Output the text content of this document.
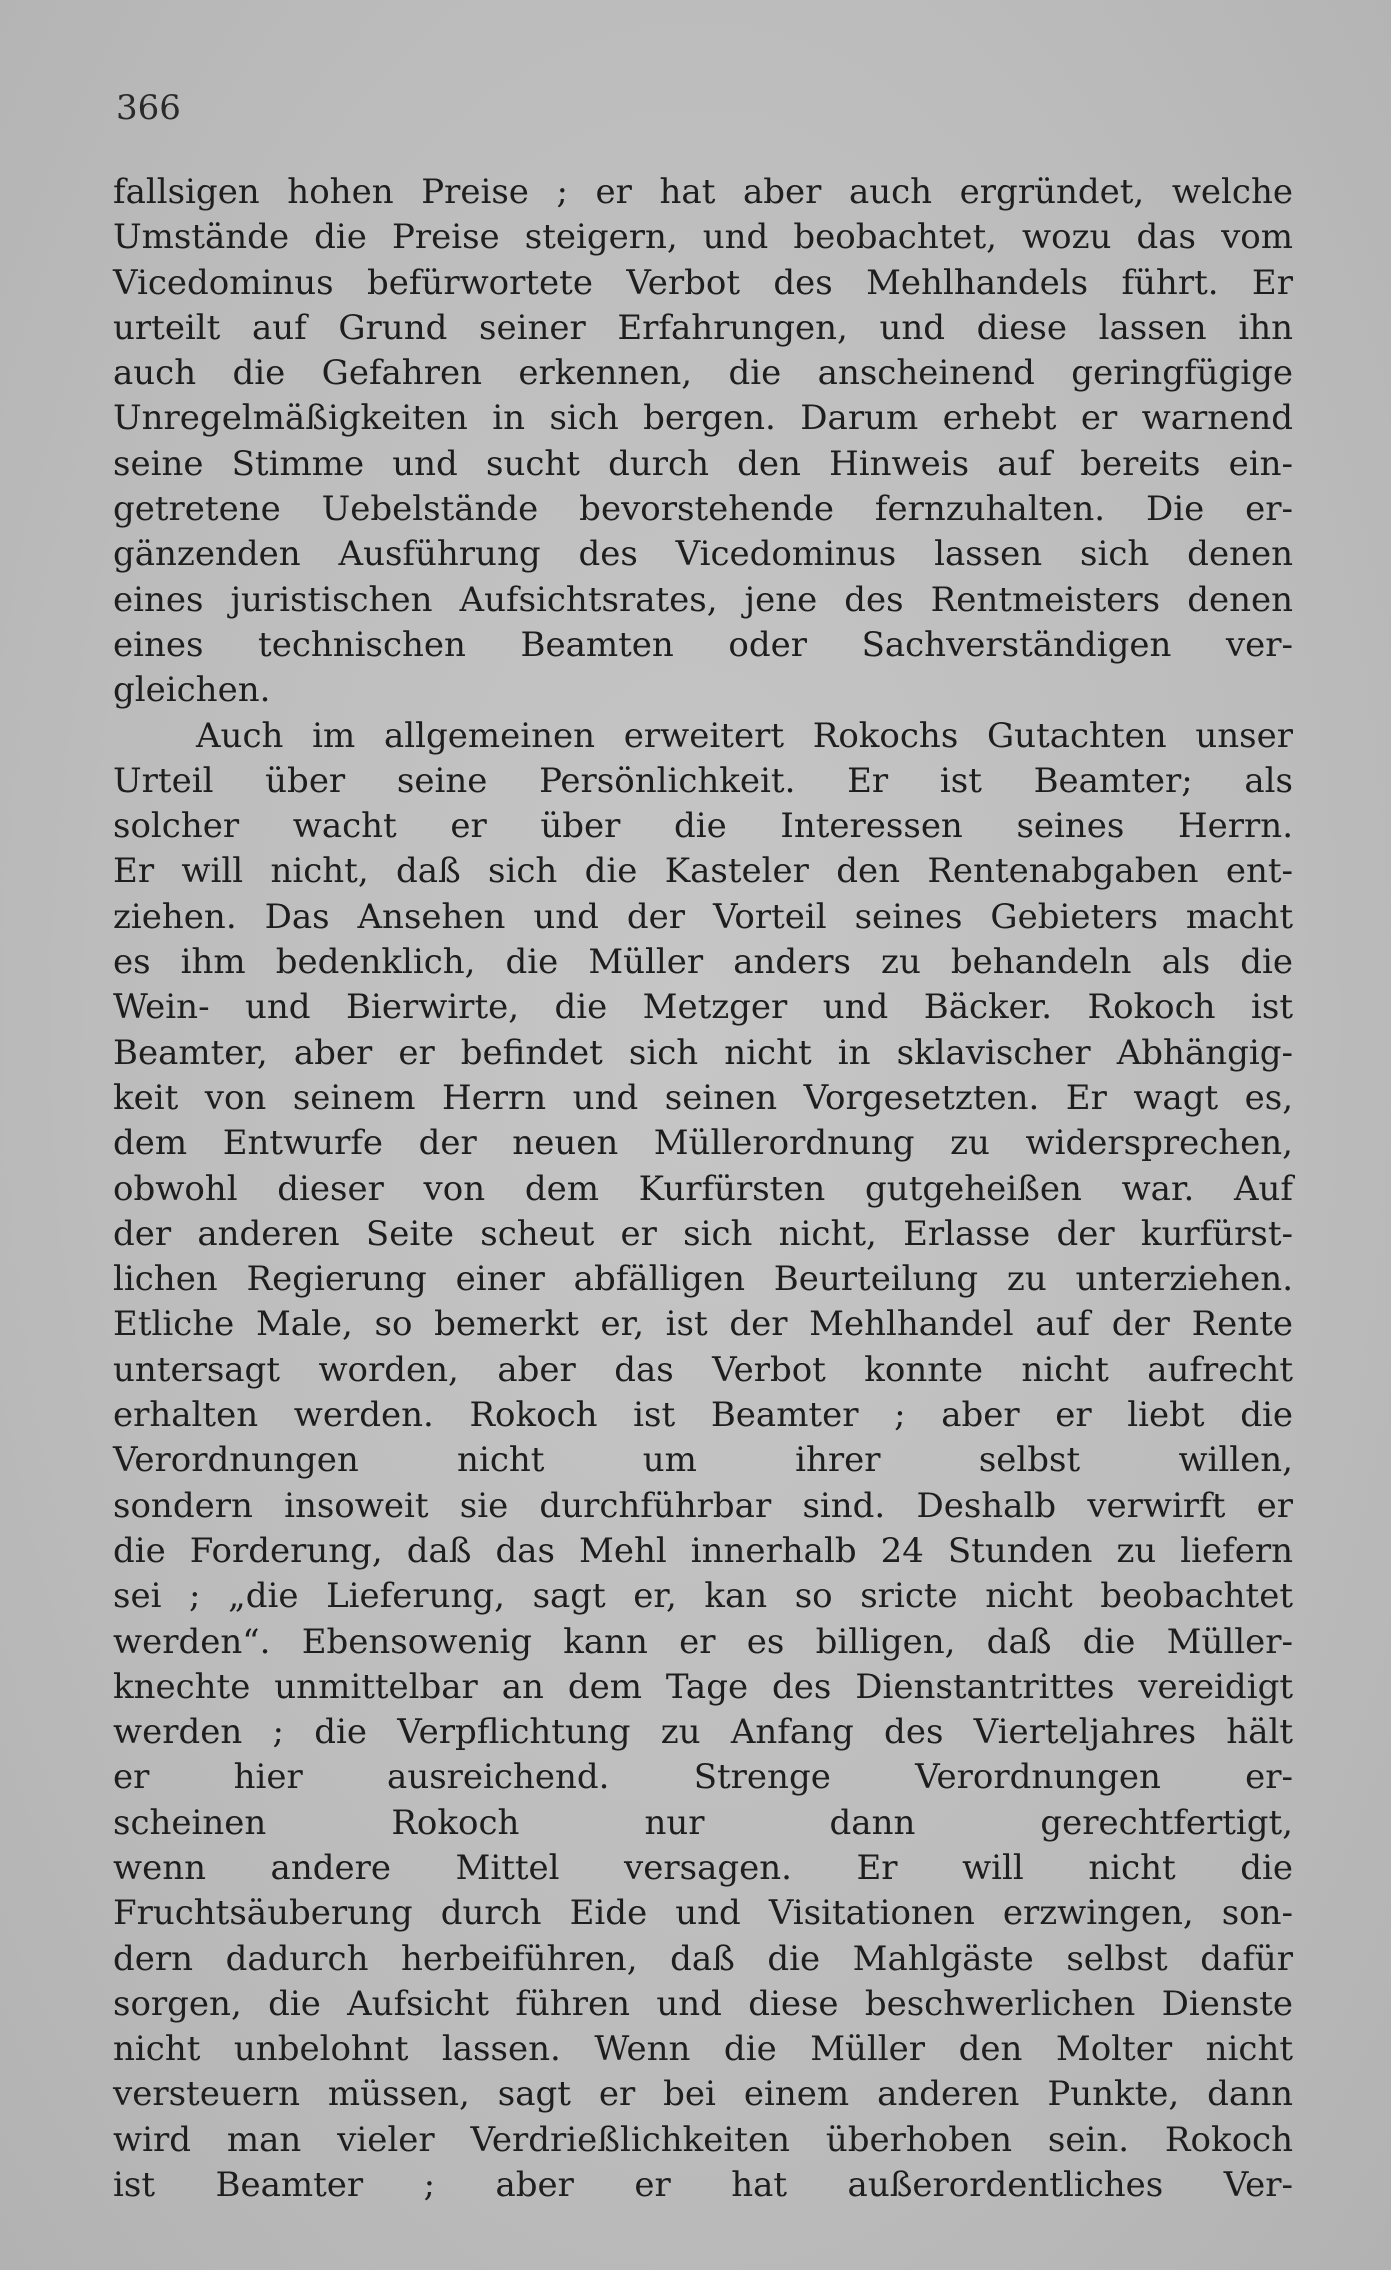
366

fallsigen hohen Preise ; er hat aber auch ergründet, welche
Umstände die Preise steigern, und beobachtet, wozu das vom
Vicedominus befürwortete Verbot des Mehlhandels führt. Er
urteilt auf Grund seiner Erfahrungen, und diese lassen ihn
auch die Gefahren erkennen, die anscheinend geringfügige
Unregelmäßigkeiten in sich bergen. Darum erhebt er warnend
seine Stimme und sucht durch den Hinweis auf bereits ein-
getretene Uebelstände bevorstehende fernzuhalten. Die er-
gänzenden Ausführung des Vicedominus lassen sich denen
eines juristischen Aufsichtsrates, jene des Rentmeisters denen
eines technischen Beamten oder Sachverständigen ver-
gleichen.

Auch im allgemeinen erweitert Rokochs Gutachten unser
Urteil über seine Persönlichkeit. Er ist Beamter; als
solcher wacht er über die Interessen seines Herrn.
Er will nicht, daß sich die Kasteler den Rentenabgaben ent-
ziehen. Das Ansehen und der Vorteil seines Gebieters macht
es ihm bedenklich, die Müller anders zu behandeln als die
Wein- und Bierwirte, die Metzger und Bäcker. Rokoch ist
Beamter, aber er befindet sich nicht in sklavischer Abhängig-
keit von seinem Herrn und seinen Vorgesetzten. Er wagt es,
dem Entwurfe der neuen Müllerordnung zu widersprechen,
obwohl dieser von dem Kurfürsten gutgeheißen war. Auf
der anderen Seite scheut er sich nicht, Erlasse der kurfürst-
lichen Regierung einer abfälligen Beurteilung zu unterziehen.
Etliche Male, so bemerkt er, ist der Mehlhandel auf der Rente
untersagt worden, aber das Verbot konnte nicht aufrecht
erhalten werden. Rokoch ist Beamter ; aber er liebt die
Verordnungen nicht um ihrer selbst willen,
sondern insoweit sie durchführbar sind. Deshalb verwirft er
die Forderung, daß das Mehl innerhalb 24 Stunden zu liefern
sei ; „die Lieferung, sagt er, kan so sricte nicht beobachtet
werden“. Ebensowenig kann er es billigen, daß die Müller-
knechte unmittelbar an dem Tage des Dienstantrittes vereidigt
werden ; die Verpflichtung zu Anfang des Vierteljahres hält
er hier ausreichend. Strenge Verordnungen er-
scheinen Rokoch nur dann gerechtfertigt,
wenn andere Mittel versagen. Er will nicht die
Fruchtsäuberung durch Eide und Visitationen erzwingen, son-
dern dadurch herbeiführen, daß die Mahlgäste selbst dafür
sorgen, die Aufsicht führen und diese beschwerlichen Dienste
nicht unbelohnt lassen. Wenn die Müller den Molter nicht
versteuern müssen, sagt er bei einem anderen Punkte, dann
wird man vieler Verdrießlichkeiten überhoben sein. Rokoch
ist Beamter ; aber er hat außerordentliches Ver-
